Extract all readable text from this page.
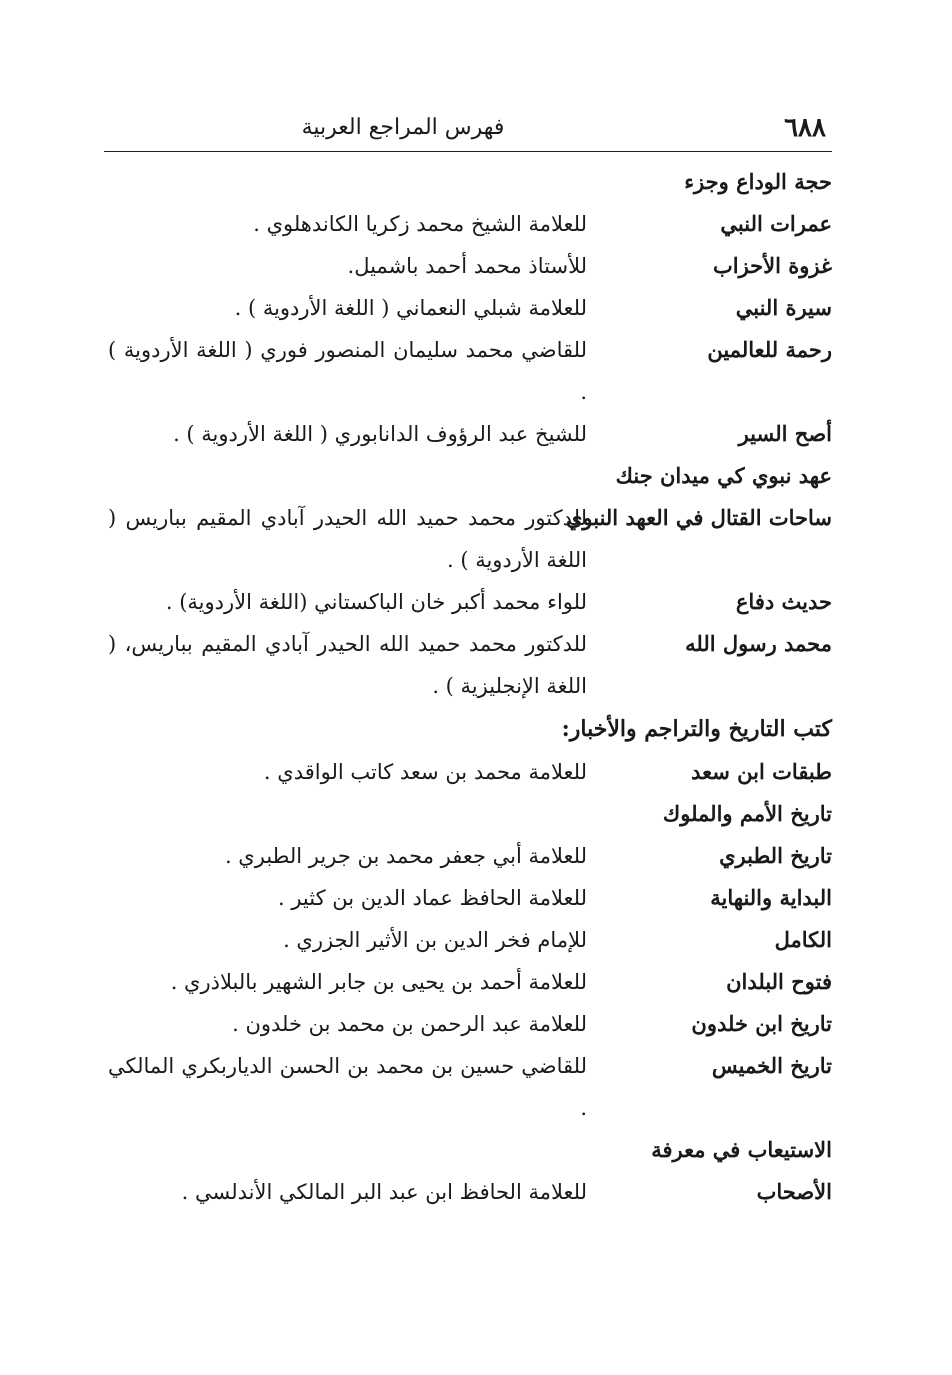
٦٨٨
فهرس المراجع العربية
حجة الوداع وجزء
عمرات النبي
للعلامة الشيخ محمد زكريا الكاندهلوي .
غزوة الأحزاب
للأستاذ محمد أحمد باشميل.
سيرة النبي
للعلامة شبلي النعماني ( اللغة الأردوية ) .
رحمة للعالمين
للقاضي محمد سليمان المنصور فوري ( اللغة الأردوية ) .
أصح السير
للشيخ عبد الرؤوف الدانابوري ( اللغة الأردوية ) .
عهد نبوي كي ميدان جنك
ساحات القتال في العهد النبوي
للدكتور محمد حميد الله الحيدر آبادي المقيم بباريس ( اللغة الأردوية ) .
حديث دفاع
للواء محمد أكبر خان الباكستاني (اللغة الأردوية) .
محمد رسول الله
للدكتور محمد حميد الله الحيدر آبادي المقيم بباريس، ( اللغة الإنجليزية ) .
كتب التاريخ والتراجم والأخبار:
طبقات ابن سعد
للعلامة محمد بن سعد كاتب الواقدي .
تاريخ الأمم والملوك
تاريخ الطبري
للعلامة أبي جعفر محمد بن جرير الطبري .
البداية والنهاية
للعلامة الحافظ عماد الدين بن كثير .
الكامل
للإمام فخر الدين بن الأثير الجزري .
فتوح البلدان
للعلامة أحمد بن يحيى بن جابر الشهير بالبلاذري .
تاريخ ابن خلدون
للعلامة عبد الرحمن بن محمد بن خلدون .
تاريخ الخميس
للقاضي حسين بن محمد بن الحسن الدياربكري المالكي .
الاستيعاب في معرفة
الأصحاب
للعلامة الحافظ ابن عبد البر المالكي الأندلسي .
